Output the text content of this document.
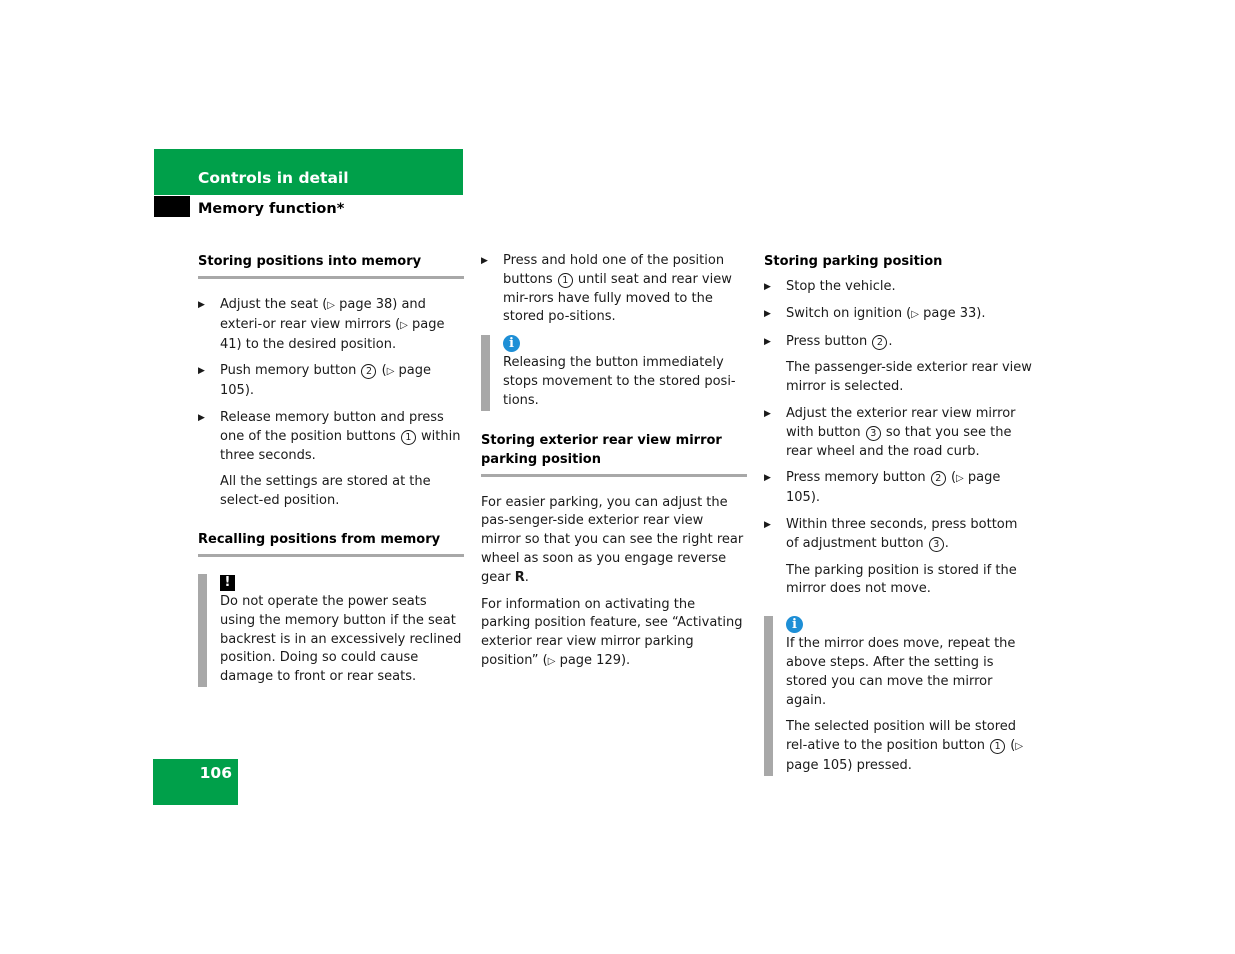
Controls in detail
Memory function*
Storing positions into memory
▶ Adjust the seat (▷ page 38) and exteri-or rear view mirrors (▷ page 41) to the desired position.
▶ Push memory button 2 (▷ page 105).
▶ Release memory button and press one of the position buttons 1 within three seconds.
All the settings are stored at the select-ed position.
Recalling positions from memory
!
Do not operate the power seats using the memory button if the seat backrest is in an excessively reclined position. Doing so could cause damage to front or rear seats.
▶ Press and hold one of the position buttons 1 until seat and rear view mir-rors have fully moved to the stored po-sitions.
i
Releasing the button immediately stops movement to the stored posi-tions.
Storing exterior rear view mirror parking position

For easier parking, you can adjust the pas-senger-side exterior rear view mirror so that you can see the right rear wheel as soon as you engage reverse gear R.

For information on activating the parking position feature, see “Activating exterior rear view mirror parking position” (▷ page 129).

Storing parking position
▶ Stop the vehicle.
▶ Switch on ignition (▷ page 33).
▶ Press button 2 .
The passenger-side exterior rear view mirror is selected.
▶ Adjust the exterior rear view mirror with button 3 so that you see the rear wheel and the road curb.
▶ Press memory button 2 (▷ page 105).
▶ Within three seconds, press bottom of adjustment button 3 .
The parking position is stored if the mirror does not move.
i
If the mirror does move, repeat the above steps. After the setting is stored you can move the mirror again.
The selected position will be stored rel-ative to the position button 1 (▷ page 105) pressed.
106
